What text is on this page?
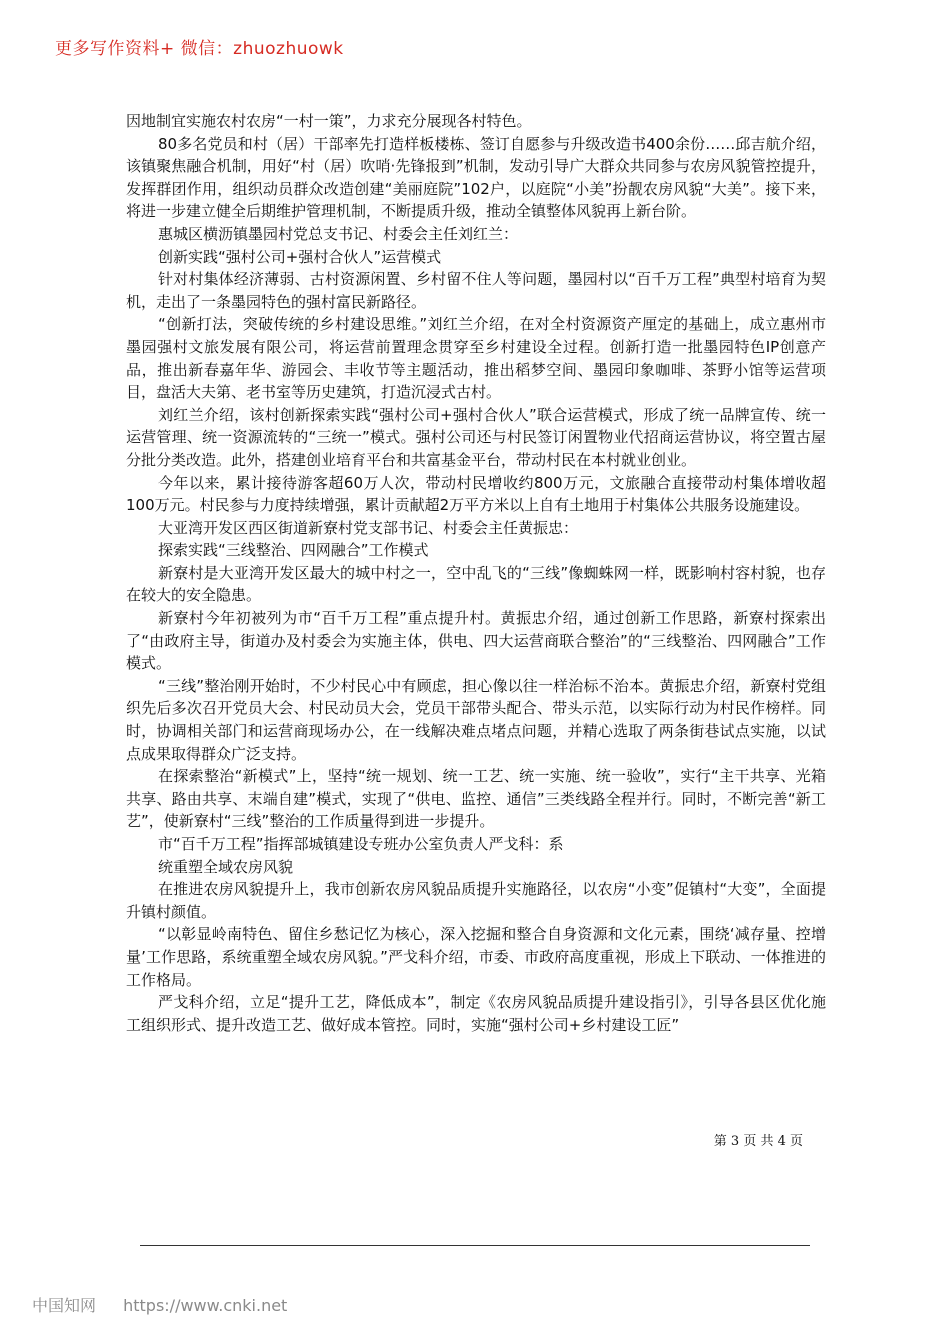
更多写作资料+ 微信：zhuozhuowk

因地制宜实施农村农房“一村一策”，力求充分展现各村特色。

80多名党员和村（居）干部率先打造样板楼栋、签订自愿参与升级改造书400余份……邱吉航介绍，该镇聚焦融合机制，用好“村（居）吹哨·先锋报到”机制，发动引导广大群众共同参与农房风貌管控提升，发挥群团作用，组织动员群众改造创建“美丽庭院”102户，以庭院“小美”扮靓农房风貌“大美”。接下来，将进一步建立健全后期维护管理机制，不断提质升级，推动全镇整体风貌再上新台阶。

惠城区横沥镇墨园村党总支书记、村委会主任刘红兰：

创新实践“强村公司+强村合伙人”运营模式

针对村集体经济薄弱、古村资源闲置、乡村留不住人等问题，墨园村以“百千万工程”典型村培育为契机，走出了一条墨园特色的强村富民新路径。

“创新打法，突破传统的乡村建设思维。”刘红兰介绍，在对全村资源资产厘定的基础上，成立惠州市墨园强村文旅发展有限公司，将运营前置理念贯穿至乡村建设全过程。创新打造一批墨园特色IP创意产品，推出新春嘉年华、游园会、丰收节等主题活动，推出稻梦空间、墨园印象咖啡、茶野小馆等运营项目，盘活大夫第、老书室等历史建筑，打造沉浸式古村。

刘红兰介绍，该村创新探索实践“强村公司+强村合伙人”联合运营模式，形成了统一品牌宣传、统一运营管理、统一资源流转的“三统一”模式。强村公司还与村民签订闲置物业代招商运营协议，将空置古屋分批分类改造。此外，搭建创业培育平台和共富基金平台，带动村民在本村就业创业。

今年以来，累计接待游客超60万人次，带动村民增收约800万元，文旅融合直接带动村集体增收超100万元。村民参与力度持续增强，累计贡献超2万平方米以上自有土地用于村集体公共服务设施建设。

大亚湾开发区西区街道新寮村党支部书记、村委会主任黄振忠：

探索实践“三线整治、四网融合”工作模式

新寮村是大亚湾开发区最大的城中村之一，空中乱飞的“三线”像蜘蛛网一样，既影响村容村貌，也存在较大的安全隐患。

新寮村今年初被列为市“百千万工程”重点提升村。黄振忠介绍，通过创新工作思路，新寮村探索出了“由政府主导，街道办及村委会为实施主体，供电、四大运营商联合整治”的“三线整治、四网融合”工作模式。

“三线”整治刚开始时，不少村民心中有顾虑，担心像以往一样治标不治本。黄振忠介绍，新寮村党组织先后多次召开党员大会、村民动员大会，党员干部带头配合、带头示范，以实际行动为村民作榜样。同时，协调相关部门和运营商现场办公，在一线解决难点堵点问题，并精心选取了两条街巷试点实施，以试点成果取得群众广泛支持。

在探索整治“新模式”上，坚持“统一规划、统一工艺、统一实施、统一验收”，实行“主干共享、光箱共享、路由共享、末端自建”模式，实现了“供电、监控、通信”三类线路全程并行。同时，不断完善“新工艺”，使新寮村“三线”整治的工作质量得到进一步提升。

市“百千万工程”指挥部城镇建设专班办公室负责人严戈科：系

统重塑全域农房风貌

在推进农房风貌提升上，我市创新农房风貌品质提升实施路径，以农房“小变”促镇村“大变”，全面提升镇村颜值。

“以彰显岭南特色、留住乡愁记忆为核心，深入挖掘和整合自身资源和文化元素，围绕‘减存量、控增量’工作思路，系统重塑全域农房风貌。”严戈科介绍，市委、市政府高度重视，形成上下联动、一体推进的工作格局。

严戈科介绍，立足“提升工艺，降低成本”，制定《农房风貌品质提升建设指引》，引导各县区优化施工组织形式、提升改造工艺、做好成本管控。同时，实施“强村公司+乡村建设工匠”

第 3 页 共 4 页
中国知网 https://www.cnki.net
